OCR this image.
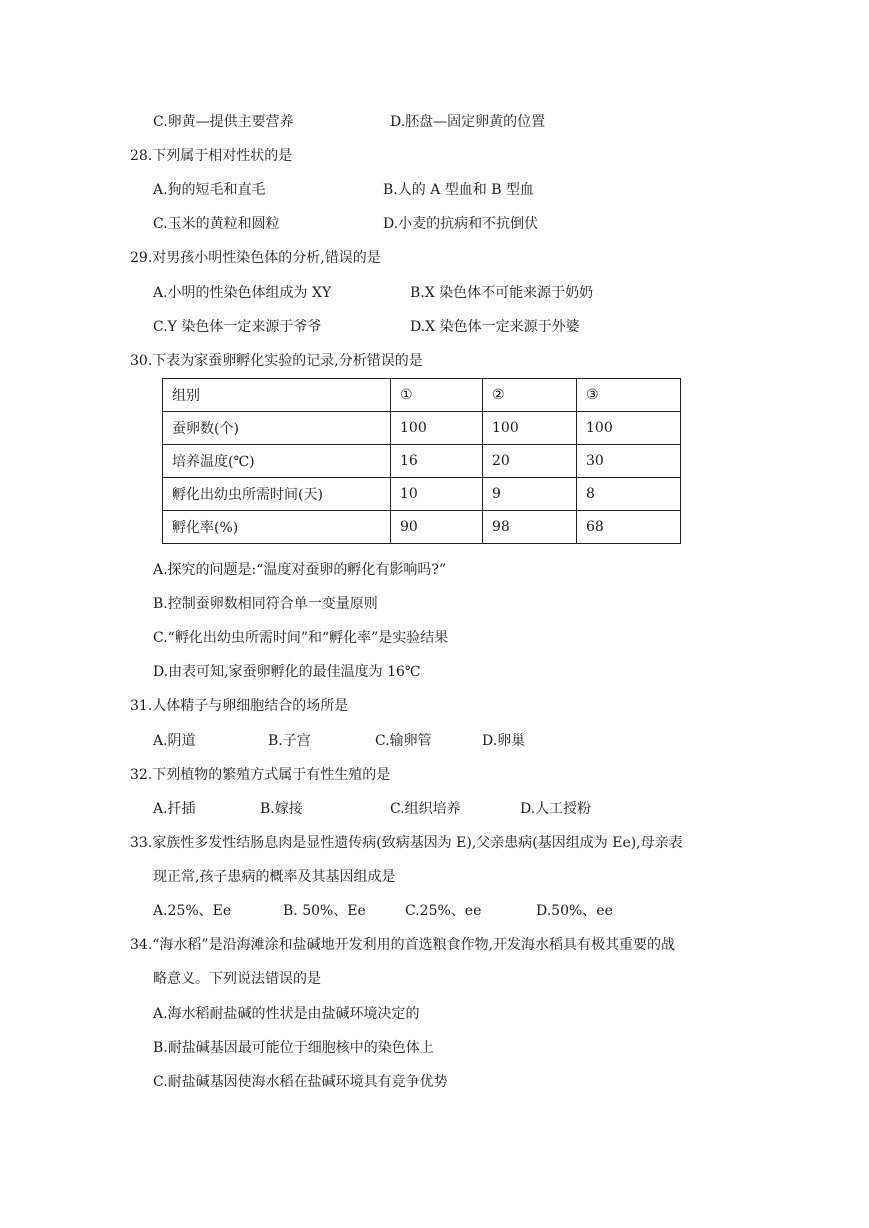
C.卵黄—提供主要营养	D.胚盘—固定卵黄的位置
28.下列属于相对性状的是
A.狗的短毛和直毛	B.人的 A 型血和 B 型血
C.玉米的黄粒和圆粒	D.小麦的抗病和不抗倒伏
29.对男孩小明性染色体的分析,错误的是
A.小明的性染色体组成为 XY	B.X 染色体不可能来源于奶奶
C.Y 染色体一定来源于爷爷	D.X 染色体一定来源于外婆
30.下表为家蚕卵孵化实验的记录,分析错误的是
组别	①	②	③
蚕卵数(个)	100	100	100
培养温度(℃)	16	20	30
孵化出幼虫所需时间(天)	10	9	8
孵化率(%)	90	98	68
A.探究的问题是:“温度对蚕卵的孵化有影响吗?”
B.控制蚕卵数相同符合单一变量原则
C.“孵化出幼虫所需时间”和“孵化率”是实验结果
D.由表可知,家蚕卵孵化的最佳温度为 16℃
31.人体精子与卵细胞结合的场所是
A.阴道	B.子宫	C.输卵管	D.卵巢
32.下列植物的繁殖方式属于有性生殖的是
A.扦插	B.嫁接	C.组织培养	D.人工授粉
33.家族性多发性结肠息肉是显性遗传病(致病基因为 E),父亲患病(基因组成为 Ee),母亲表
现正常,孩子患病的概率及其基因组成是
A.25%、Ee	B. 50%、Ee	C.25%、ee	D.50%、ee
34.“海水稻”是沿海滩涂和盐碱地开发利用的首选粮食作物,开发海水稻具有极其重要的战
略意义。下列说法错误的是
A.海水稻耐盐碱的性状是由盐碱环境决定的
B.耐盐碱基因最可能位于细胞核中的染色体上
C.耐盐碱基因使海水稻在盐碱环境具有竞争优势
